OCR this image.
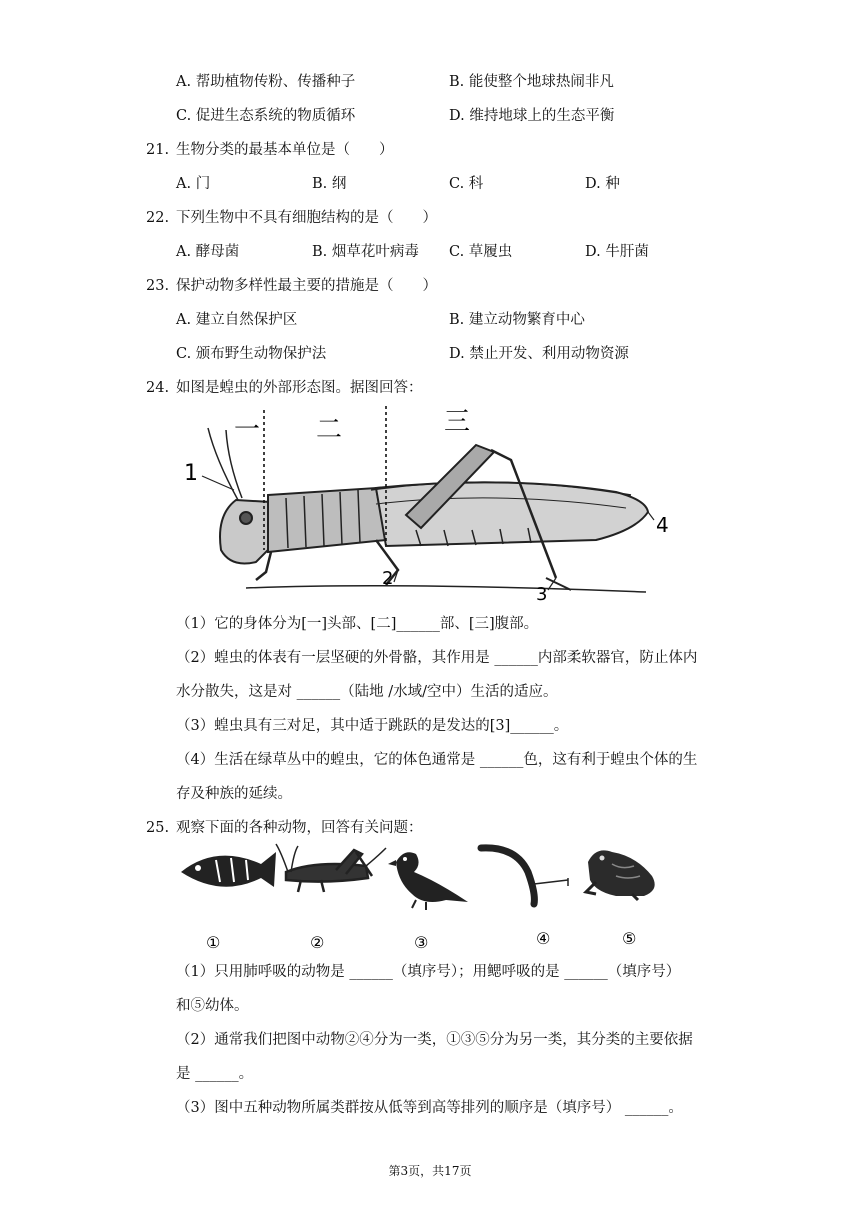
A. 帮助植物传粉、传播种子	B. 能使整个地球热闹非凡
C. 促进生态系统的物质循环	D. 维持地球上的生态平衡
21. 生物分类的最基本单位是（　　）
A. 门	B. 纲	C. 科	D. 种
22. 下列生物中不具有细胞结构的是（　　）
A. 酵母菌	B. 烟草花叶病毒 C. 草履虫	D. 牛肝菌
23. 保护动物多样性最主要的措施是（　　）
A. 建立自然保护区	B. 建立动物繁育中心
C. 颁布野生动物保护法	D. 禁止开发、利用动物资源
24. 如图是蝗虫的外部形态图。据图回答：
一 二	三
1
2
3
4
（1）它的身体分为[一]头部、[二]______部、[三]腹部。
（2）蝗虫的体表有一层坚硬的外骨骼，其作用是 ______内部柔软器官，防止体内
水分散失，这是对 ______（陆地 /水域/空中）生活的适应。
（3）蝗虫具有三对足，其中适于跳跃的是发达的[3]______。
（4）生活在绿草丛中的蝗虫，它的体色通常是 ______色，这有利于蝗虫个体的生
存及种族的延续。
25. 观察下面的各种动物，回答有关问题：
①	②	③	④	⑤
（1）只用肺呼吸的动物是 ______（填序号）；用鳃呼吸的是 ______（填序号）
和⑤幼体。
（2）通常我们把图中动物②④分为一类，①③⑤分为另一类，其分类的主要依据
是 ______。
（3）图中五种动物所属类群按从低等到高等排列的顺序是（填序号） ______。
第3页，共17页
